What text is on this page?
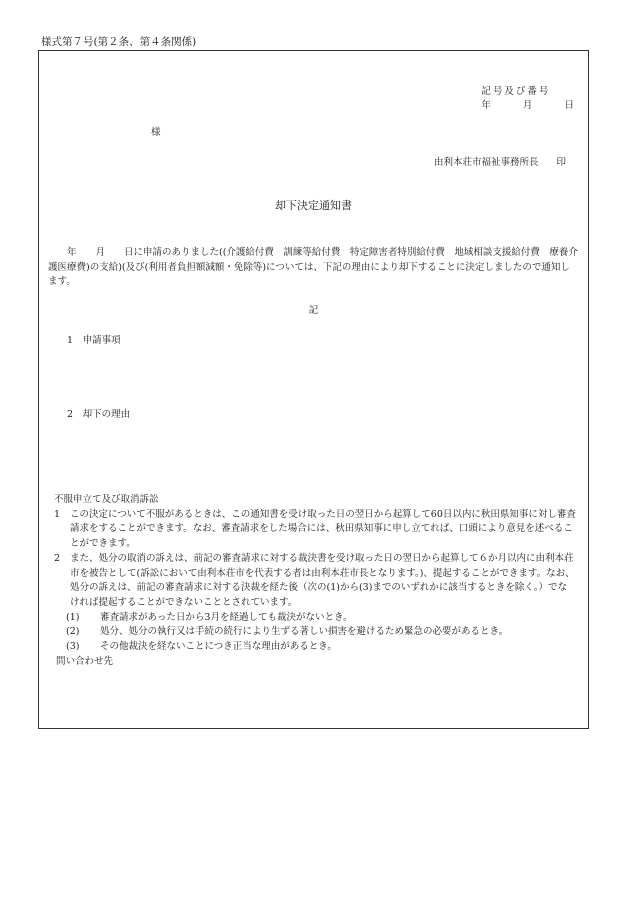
様式第７号(第２条、第４条関係)
記号及び番号
年	月	日
様
由利本荘市福祉事務所長 印
却下決定通知書
年　　月　　日に申請のありました((介護給付費　訓練等給付費　特定障害者特別給付費　地域相談支援給付費　療養介護医療費)の支給)(及び(利用者負担額減額・免除等)については、下記の理由により却下することに決定しましたので通知します。
記
1　 申請事項
2　 却下の理由
不服申立て及び取消訴訟
1 この決定について不服があるときは、この通知書を受け取った日の翌日から起算して60日以内に秋田県知事に対し審査請求をすることができます。なお、審査請求をした場合には、秋田県知事に申し立てれば、口頭により意見を述べることができます。
2 また、処分の取消の訴えは、前記の審査請求に対する裁決書を受け取った日の翌日から起算して６か月以内に由利本荘市を被告として(訴訟において由利本荘市を代表する者は由利本荘市長となります。)、提起することができます。なお、処分の訴えは、前記の審査請求に対する決裁を経た後（次の(1)から(3)までのいずれかに該当するときを除く。）でなければ提起することができないこととされています。
(1) 審査請求があった日から3月を経過しても裁決がないとき。
(2) 処分、処分の執行又は手続の続行により生ずる著しい損害を避けるため緊急の必要があるとき。
(3) その他裁決を経ないことにつき正当な理由があるとき。
問い合わせ先
